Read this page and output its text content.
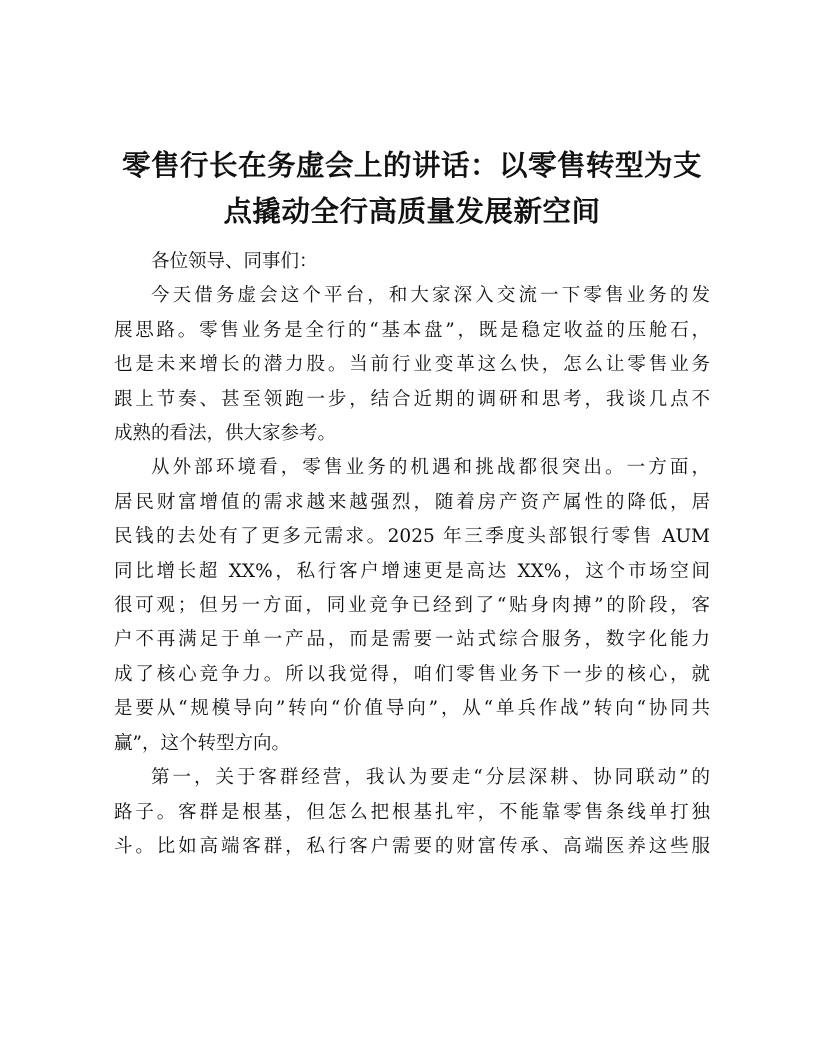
零售行长在务虚会上的讲话：以零售转型为支
点撬动全行高质量发展新空间
各位领导、同事们：
今天借务虚会这个平台，和大家深入交流一下零售业务的发
展思路。零售业务是全行的“基本盘”，既是稳定收益的压舱石，
也是未来增长的潜力股。当前行业变革这么快，怎么让零售业务
跟上节奏、甚至领跑一步，结合近期的调研和思考，我谈几点不
成熟的看法，供大家参考。
从外部环境看，零售业务的机遇和挑战都很突出。一方面，
居民财富增值的需求越来越强烈，随着房产资产属性的降低，居
民钱的去处有了更多元需求。2025 年三季度头部银行零售 AUM
同比增长超 XX%，私行客户增速更是高达 XX%，这个市场空间
很可观；但另一方面，同业竞争已经到了“贴身肉搏”的阶段，客
户不再满足于单一产品，而是需要一站式综合服务，数字化能力
成了核心竞争力。所以我觉得，咱们零售业务下一步的核心，就
是要从“规模导向”转向“价值导向”，从“单兵作战”转向“协同共
赢”，这个转型方向。
第一，关于客群经营，我认为要走“分层深耕、协同联动”的
路子。客群是根基，但怎么把根基扎牢，不能靠零售条线单打独
斗。比如高端客群，私行客户需要的财富传承、高端医养这些服
